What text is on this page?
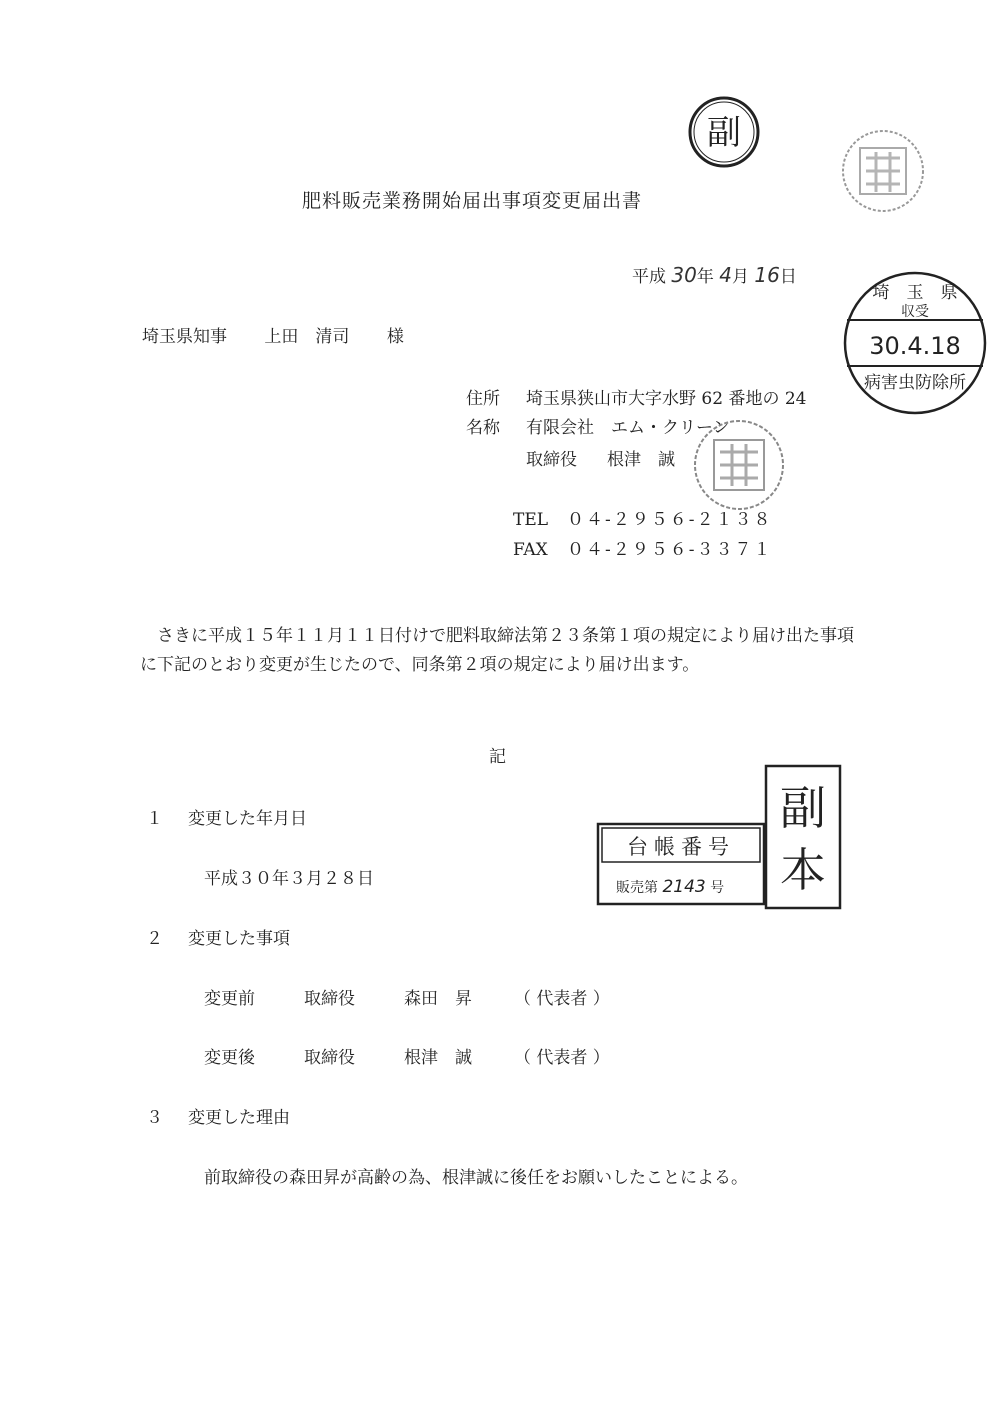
副
肥料販売業務開始届出事項変更届出書
平成 30年 4月 16日
埼　玉　県
収受
30.4.18
病害虫防除所
埼玉県知事 上田　清司 様
住所 埼玉県狭山市大字水野 62 番地の 24
名称 有限会社　エム・クリーン
取締役 根津　誠
TEL ０４-２９５６-２１３８
FAX ０４-２９５６-３３７１
　さきに平成１５年１１月１１日付けで肥料取締法第２３条第１項の規定により届け出た事項に下記のとおり変更が生じたので、同条第２項の規定により届け出ます。
記
１ 変更した年月日
平成３０年３月２８日
台帳番号
販売第 2143 号
副本
２ 変更した事項
変更前	取締役	森田　昇 （ 代表者 ）
変更後	取締役	根津　誠 （ 代表者 ）
３ 変更した理由
前取締役の森田昇が高齢の為、根津誠に後任をお願いしたことによる。
